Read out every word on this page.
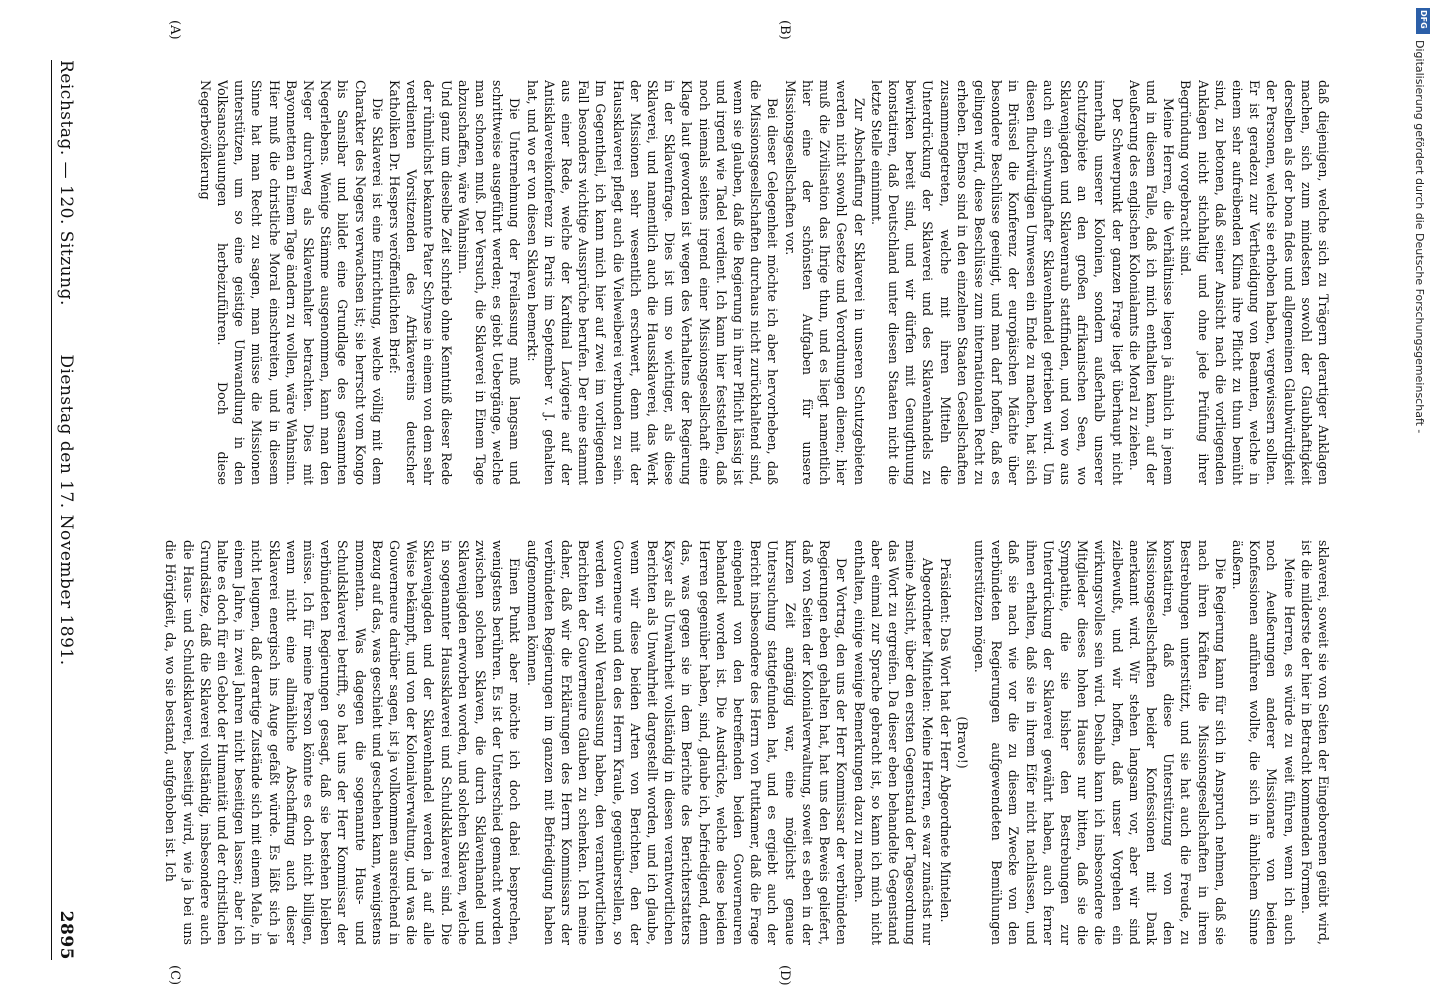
Reichstag. — 120. Sitzung.
Dienstag den 17. November 1891.
2895
(A)	(B)
(C)	(D)

daß diejenigen, welche sich zu Trägern derartiger Anklagen machen, sich zum mindesten sowohl der Glaubhaftigkeit derselben als der bona fides und allgemeinen Glaubwürdigkeit der Personen, welche sie erhoben haben, vergewissern sollten. Er ist geradezu zur Vertheidigung von Beamten, welche in einem sehr aufreibenden Klima ihre Pflicht zu thun bemüht sind, zu betonen, daß seiner Ansicht nach die vorliegenden Anklagen nicht stichhaltig und ohne jede Prüfung ihrer Begründung vorgebracht sind.

Meine Herren, die Verhältnisse liegen ja ähnlich in jenem und in diesem Falle, daß ich mich enthalten kann, auf der Aeußerung des englischen Kolonialamts die Moral zu ziehen.

Der Schwerpunkt der ganzen Frage liegt überhaupt nicht innerhalb unserer Kolonien, sondern außerhalb unserer Schutzgebiete an den großen afrikanischen Seen, wo Sklavenjagden und Sklavenraub stattfinden, und von wo aus auch ein schwunghafter Sklavenhandel getrieben wird. Um diesen fluchwürdigen Umwesen ein Ende zu machen, hat sich in Brüssel die Konferenz der europäischen Mächte über besondere Beschlüsse geeinigt, und man darf hoffen, daß es gelingen wird, diese Beschlüsse zum internationalen Recht zu erheben. Ebenso sind in den einzelnen Staaten Gesellschaften zusammengetreten, welche mit ihren Mitteln die Unterdrückung der Sklaverei und des Sklavenhandels zu bewirken bereit sind, und wir dürfen mit Genugthuung konstatiren, daß Deutschland unter diesen Staaten nicht die letzte Stelle einnimmt.

Zur Abschaffung der Sklaverei in unseren Schutzgebieten werden nicht sowohl Gesetze und Verordnungen dienen; hier muß die Zivilisation das Ihrige thun, und es liegt namentlich hier eine der schönsten Aufgaben für unsere Missionsgesellschaften vor.

Bei dieser Gelegenheit möchte ich aber hervorheben, daß die Missionsgesellschaften durchaus nicht zurückhaltend sind, wenn sie glauben, daß die Regierung in ihrer Pflicht lässig ist und irgend wie Tadel verdient. Ich kann hier feststellen, daß noch niemals seitens irgend einer Missionsgesellschaft eine Klage laut geworden ist wegen des Verhaltens der Regierung in der Sklavenfrage. Dies ist um so wichtiger, als diese Sklaverei, und namentlich auch die Haussklaverei, das Werk der Missionen sehr wesentlich erschwert, denn mit der Haussklaverei pflegt auch die Vielweiberei verbunden zu sein. Im Gegentheil, ich kann mich hier auf zwei im vorliegenden Fall besonders wichtige Aussprüche berufen. Der eine stammt aus einer Rede, welche der Kardinal Lavigerie auf der Antisklavereikonferenz in Paris im September v. J. gehalten hat, und wo er von diesen Sklaven bemerkt:

Die Unternehmung der Freilassung muß langsam und schrittweise ausgeführt werden; es giebt Uebergänge, welche man schonen muß. Der Versuch, die Sklaverei in Einem Tage abzuschaffen, wäre Wahnsinn.

Und ganz um dieselbe Zeit schrieb ohne Kenntniß dieser Rede der rühmlichst bekannte Pater Schynse in einem von dem sehr verdienten Vorsitzenden des Afrikavereins deutscher Katholiken Dr. Hespers veröffentlichten Brief:

Die Sklaverei ist eine Einrichtung, welche völlig mit dem Charakter des Negers verwachsen ist; sie herrscht vom Kongo bis Sansibar und bildet eine Grundlage des gesammten Negerlebens. Wenige Stämme ausgenommen, kann man den Neger durchweg als Sklavenhalter betrachten. Dies mit Bayonnetten an Einem Tage ändern zu wollen, wäre Wahnsinn. Hier muß die christliche Moral einschreiten, und in diesem Sinne hat man Recht zu sagen, man müsse die Missionen unterstützen, um so eine geistige Umwandlung in den Volksanschauungen herbeizuführen. Doch diese Negerbevölkerung

sklaverei, soweit sie von Seiten der Eingeborenen geübt wird, ist die milderste der hier in Betracht kommenden Formen.

Meine Herren, es würde zu weit führen, wenn ich auch noch Aeußerungen anderer Missionare von beiden Konfessionen anführen wollte, die sich in ähnlichem Sinne äußern.

Die Regierung kann für sich in Anspruch nehmen, daß sie nach ihren Kräften die Missionsgesellschaften in ihren Bestrebungen unterstützt, und sie hat auch die Freude, zu konstatiren, daß diese Unterstützung von den Missionsgesellschaften beider Konfessionen mit Dank anerkannt wird. Wir stehen langsam vor, aber wir sind zielbewußt, und wir hoffen, daß unser Vorgehen ein wirkungsvolles sein wird. Deshalb kann ich insbesondere die Mitglieder dieses hohen Hauses nur bitten, daß sie die Sympathie, die sie bisher den Bestrebungen zur Unterdrückung der Sklaverei gewährt haben, auch ferner ihnen erhalten, daß sie in ihrem Eifer nicht nachlassen, und daß sie nach wie vor die zu diesem Zwecke von den verbündeten Regierungen aufgewendeten Bemühungen unterstützen mögen.

(Bravo!)

Präsident: Das Wort hat der Herr Abgeordnete Mintelen.

Abgeordneter Mintelen: Meine Herren, es war zunächst nur meine Absicht, über den ersten Gegenstand der Tagesordnung das Wort zu ergreifen. Da dieser eben behandelte Gegenstand aber einmal zur Sprache gebracht ist, so kann ich mich nicht enthalten, einige wenige Bemerkungen dazu zu machen.

Der Vortrag, den uns der Herr Kommissar der verbündeten Regierungen eben gehalten hat, hat uns den Beweis geliefert, daß von Seiten der Kolonialverwaltung, soweit es eben in der kurzen Zeit angängig war, eine möglichst genaue Untersuchung stattgefunden hat, und es ergiebt auch der Bericht insbesondere des Herrn von Puttkamer, daß die Frage eingehend von den betreffenden beiden Gouverneuren behandelt worden ist. Die Ausdrücke, welche diese beiden Herren gegenüber haben, sind, glaube ich, befriedigend, denn das, was gegen sie in dem Berichte des Berichterstatters Kayser als Unwahrheit vollständig in diesen verantwortlichen Berichten als Unwahrheit dargestellt worden, und ich glaube, wenn wir diese beiden Arten von Berichten, den der Gouverneure und den des Herrn Kraule, gegenüberstellen, so werden wir wohl Veranlassung haben, den verantwortlichen Berichten der Gouverneure Glauben zu schenken. Ich meine daher, daß wir die Erklärungen des Herrn Kommissars der verbündeten Regierungen im ganzen mit Befriedigung haben aufgenommen können.

Einen Punkt aber möchte ich doch dabei besprechen, wenigstens berühren. Es ist der Unterschied gemacht worden zwischen solchen Sklaven, die durch Sklavenhandel und Sklavenjagden erworben worden, und solchen Sklaven, welche in sogenannter Haussklaverei und Schuldsklaverei sind. Die Sklavenjagden und der Sklavenhandel werden ja auf alle Weise bekämpft, und von der Kolonialverwaltung, und was die Gouverneure darüber sagen, ist ja vollkommen ausreichend in Bezug auf das, was geschieht und geschehen kann, wenigstens momentan. Was dagegen die sogenannte Haus- und Schuldsklaverei betrifft, so hat uns der Herr Kommissar der verbündeten Regierungen gesagt, daß sie bestehen bleiben müsse. Ich für meine Person könnte es doch nicht billigen, wenn nicht eine allmähliche Abschaffung auch dieser Sklaverei energisch ins Auge gefaßt würde. Es läßt sich ja nicht leugnen, daß derartige Zustände sich mit einem Male, in einem Jahre, in zwei Jahren nicht beseitigen lassen; aber ich halte es doch für ein Gebot der Humanität und der christlichen Grundsätze, daß die Sklaverei vollständig, insbesondere auch die Haus- und Schuldsklaverei, beseitigt wird, wie ja bei uns die Hörigkeit, da, wo sie bestand, aufgehoben ist. Ich

Digitalisierung gefördert durch die Deutsche Forschungsgemeinschaft -
DFG
